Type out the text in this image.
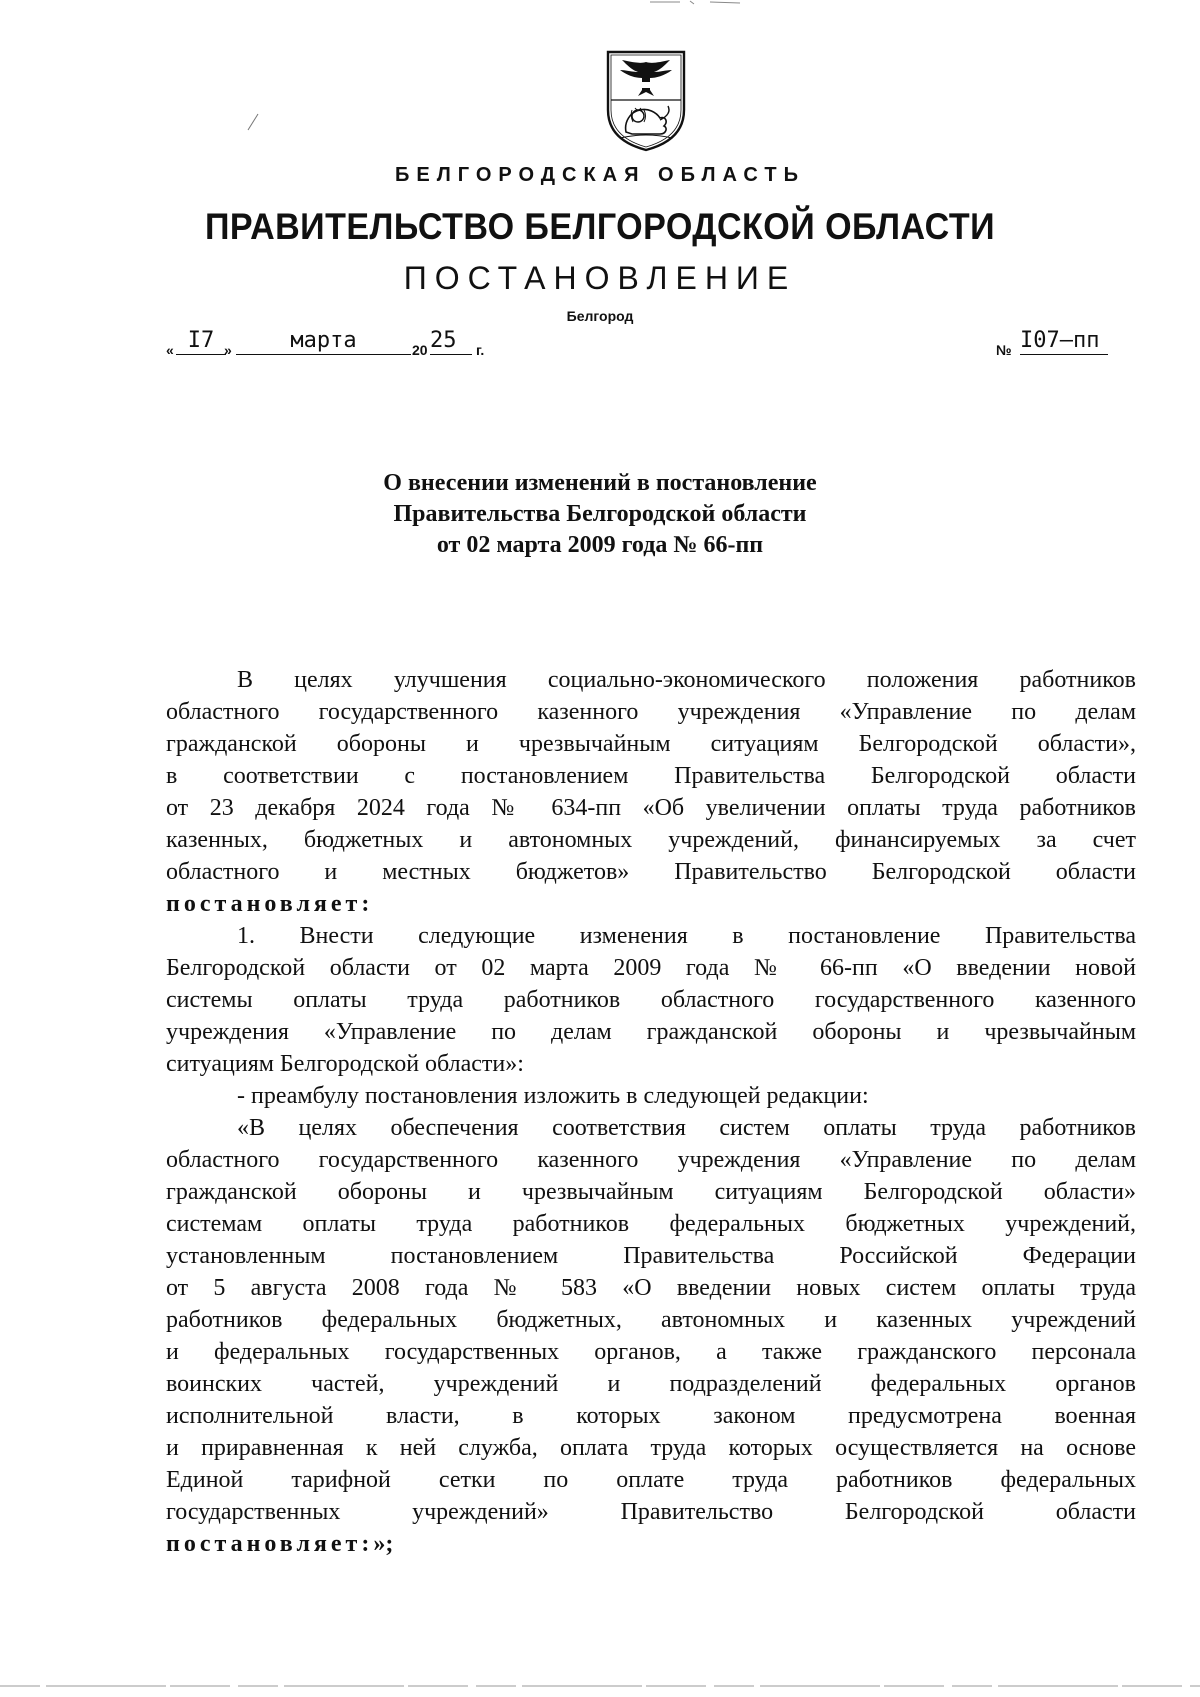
БЕЛГОРОДСКАЯ ОБЛАСТЬ
ПРАВИТЕЛЬСТВО БЕЛГОРОДСКОЙ ОБЛАСТИ
ПОСТАНОВЛЕНИЕ
Белгород
« I7 »	марта	20 25	г.	№ I07–пп
О внесении изменений в постановление
Правительства Белгородской области
от 02 марта 2009 года № 66-пп

В целях улучшения социально-экономического положения работников

областного государственного казенного учреждения «Управление по делам

гражданской обороны и чрезвычайным ситуациям Белгородской области»,

в соответствии с постановлением Правительства Белгородской области

от 23 декабря 2024 года № 634-пп «Об увеличении оплаты труда работников

казенных, бюджетных и автономных учреждений, финансируемых за счет

областного и местных бюджетов» Правительство Белгородской области

постановляет:

1. Внести следующие изменения в постановление Правительства

Белгородской области от 02 марта 2009 года № 66-пп «О введении новой

системы оплаты труда работников областного государственного казенного

учреждения «Управление по делам гражданской обороны и чрезвычайным

ситуациям Белгородской области»:

- преамбулу постановления изложить в следующей редакции:

«В целях обеспечения соответствия систем оплаты труда работников

областного государственного казенного учреждения «Управление по делам

гражданской обороны и чрезвычайным ситуациям Белгородской области»

системам оплаты труда работников федеральных бюджетных учреждений,

установленным постановлением Правительства Российской Федерации

от 5 августа 2008 года № 583 «О введении новых систем оплаты труда

работников федеральных бюджетных, автономных и казенных учреждений

и федеральных государственных органов, а также гражданского персонала

воинских частей, учреждений и подразделений федеральных органов

исполнительной власти, в которых законом предусмотрена военная

и приравненная к ней служба, оплата труда которых осуществляется на основе

Единой тарифной сетки по оплате труда работников федеральных

государственных учреждений» Правительство Белгородской области

постановляет:»;
